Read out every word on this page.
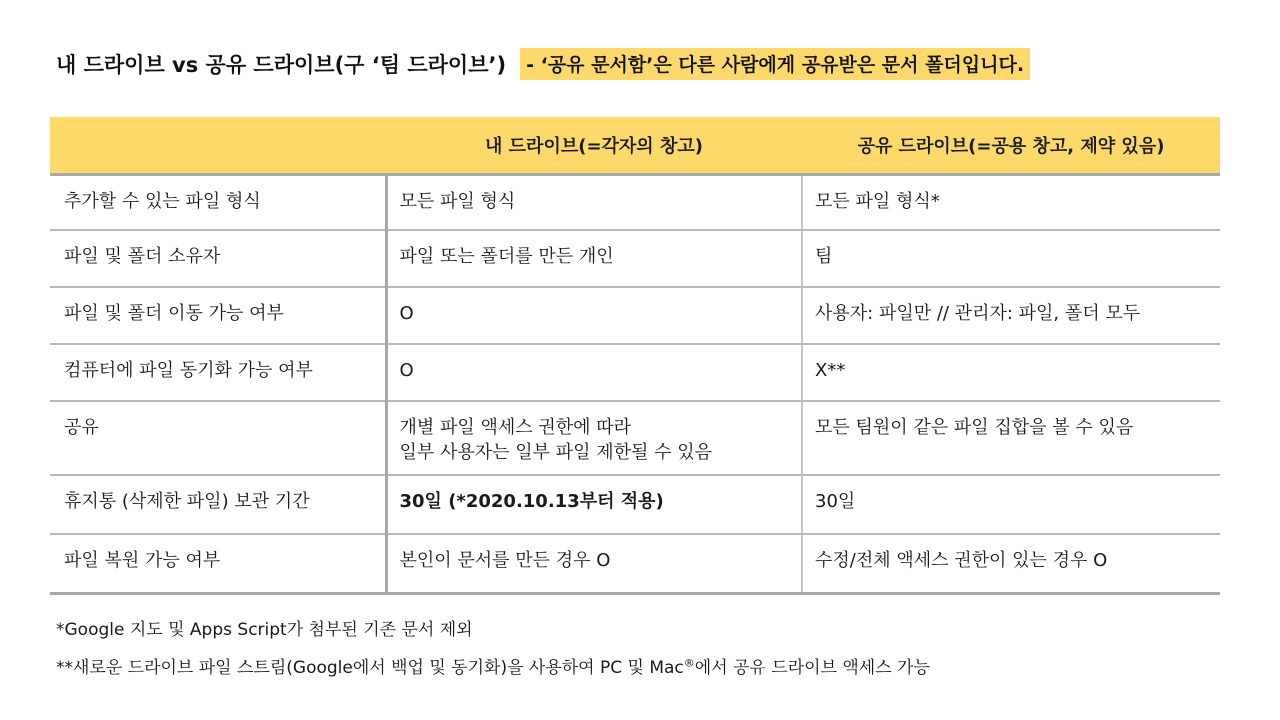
내 드라이브 vs 공유 드라이브(구 ‘팀 드라이브’)	- ‘공유 문서함’은 다른 사람에게 공유받은 문서 폴더입니다.
	내 드라이브(=각자의 창고)	공유 드라이브(=공용 창고, 제약 있음)
추가할 수 있는 파일 형식	모든 파일 형식	모든 파일 형식*

파일 및 폴더 소유자	파일 또는 폴더를 만든 개인	팀

파일 및 폴더 이동 가능 여부	O	사용자: 파일만 // 관리자: 파일, 폴더 모두

컴퓨터에 파일 동기화 가능 여부	O	X**

공유	개별 파일 액세스 권한에 따라
일부 사용자는 일부 파일 제한될 수 있음	모든 팀원이 같은 파일 집합을 볼 수 있음

휴지통 (삭제한 파일) 보관 기간	30일 (*2020.10.13부터 적용)	30일

파일 복원 가능 여부	본인이 문서를 만든 경우 O	수정/전체 액세스 권한이 있는 경우 O
*Google 지도 및 Apps Script가 첨부된 기존 문서 제외
**새로운 드라이브 파일 스트림(Google에서 백업 및 동기화)을 사용하여 PC 및 Mac®에서 공유 드라이브 액세스 가능
